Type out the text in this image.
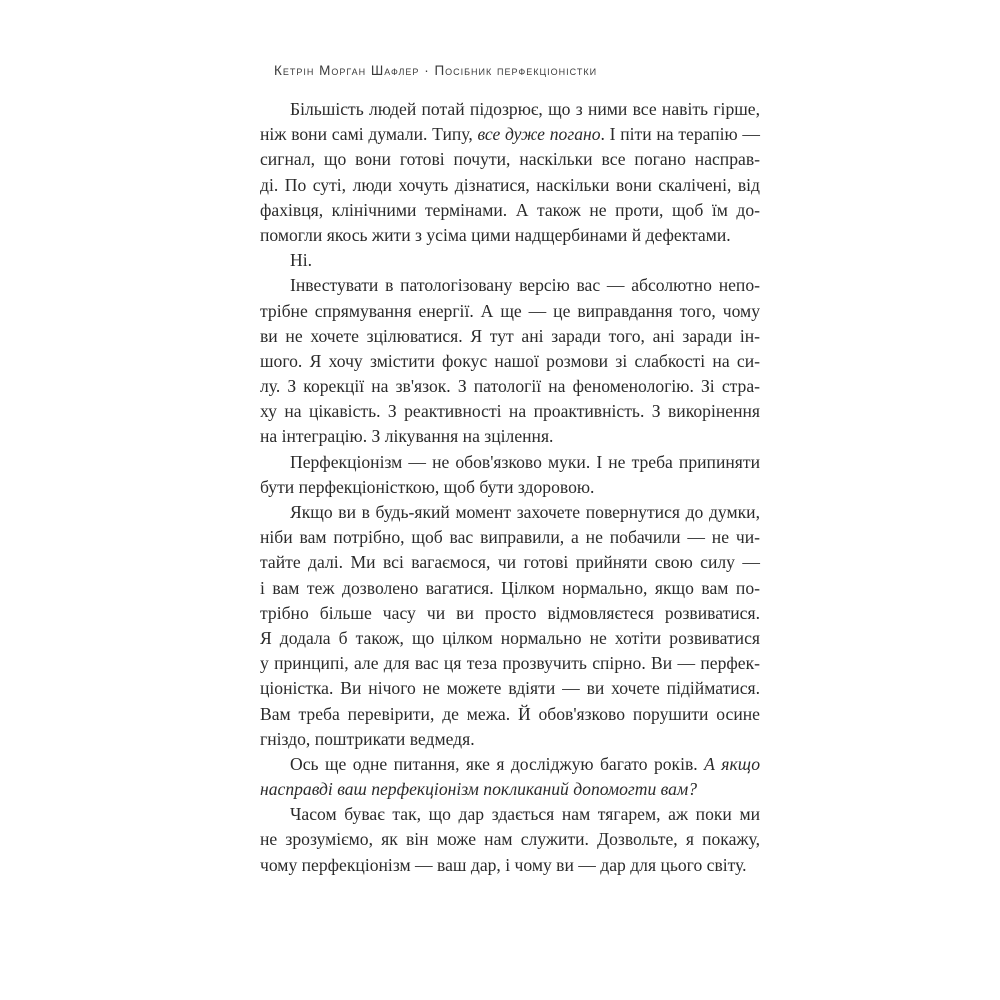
Кетрін Морган Шафлер · Посібник перфекціоністки
Більшість людей потай підозрює, що з ними все навіть гірше,
ніж вони самі думали. Типу, все дуже погано. І піти на терапію —
сигнал, що вони готові почути, наскільки все погано насправ-
ді. По суті, люди хочуть дізнатися, наскільки вони скалічені, від
фахівця, клінічними термінами. А також не проти, щоб їм до-
помогли якось жити з усіма цими надщербинами й дефектами.
Ні.
Інвестувати в патологізовану версію вас — абсолютно непо-
трібне спрямування енергії. А ще — це виправдання того, чому
ви не хочете зцілюватися. Я тут ані заради того, ані заради ін-
шого. Я хочу змістити фокус нашої розмови зі слабкості на си-
лу. З корекції на зв'язок. З патології на феноменологію. Зі стра-
ху на цікавість. З реактивності на проактивність. З викорінення
на інтеграцію. З лікування на зцілення.
Перфекціонізм — не обов'язково муки. І не треба припиняти
бути перфекціоністкою, щоб бути здоровою.
Якщо ви в будь-який момент захочете повернутися до думки,
ніби вам потрібно, щоб вас виправили, а не побачили — не чи-
тайте далі. Ми всі вагаємося, чи готові прийняти свою силу —
і вам теж дозволено вагатися. Цілком нормально, якщо вам по-
трібно більше часу чи ви просто відмовляєтеся розвиватися.
Я додала б також, що цілком нормально не хотіти розвиватися
у принципі, але для вас ця теза прозвучить спірно. Ви — перфек-
ціоністка. Ви нічого не можете вдіяти — ви хочете підійматися.
Вам треба перевірити, де межа. Й обов'язково порушити осине
гніздо, поштрикати ведмедя.
Ось ще одне питання, яке я досліджую багато років. А якщо
насправді ваш перфекціонізм покликаний допомогти вам?
Часом буває так, що дар здається нам тягарем, аж поки ми
не зрозуміємо, як він може нам служити. Дозвольте, я покажу,
чому перфекціонізм — ваш дар, і чому ви — дар для цього світу.
